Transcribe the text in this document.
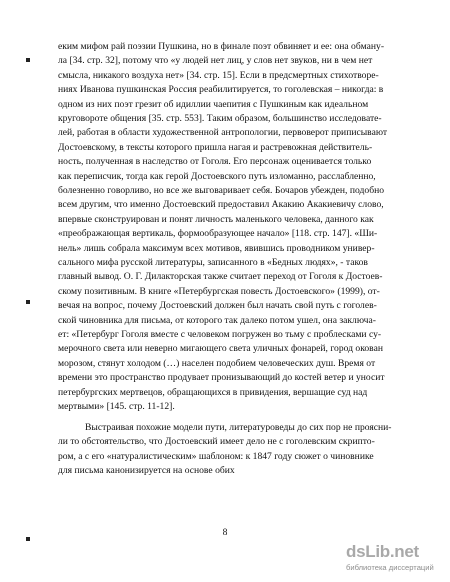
еким мифом рай поэзии Пушкина, но в финале поэт обвиняет и ее: она обману-
ла [34. стр. 32], потому что «у людей нет лиц, у слов нет звуков, ни в чем нет
смысла, никакого воздуха нет» [34. стр. 15]. Если в предсмертных стихотворе-
ниях Иванова пушкинская Россия реабилитируется, то гоголевская – никогда: в
одном из них поэт грезит об идиллии чаепития с Пушкиным как идеальном
круговороте общения [35. стр. 553]. Таким образом, большинство исследовате-
лей, работая в области художественной антропологии, первоверот приписывают
Достоевскому, в тексты которого пришла нагая и растревожная действитель-
ность, полученная в наследство от Гоголя. Его персонаж оценивается только
как переписчик, тогда как герой Достоевского путь изломанно, расслабленно,
болезненно говорливо, но все же выговаривает себя. Бочаров убежден, подобно
всем другим, что именно Достоевский предоставил Акакию Акакиевичу слово,
впервые сконструирован и понят личность маленького человека, данного как
«преображающая вертикаль, формообразующее начало» [118. стр. 147]. «Ши-
нель» лишь собрала максимум всех мотивов, явившись проводником универ-
сального мифа русской литературы, записанного в «Бедных людях», - таков
главный вывод. О. Г. Дилакторская также считает переход от Гоголя к Достоев-
скому позитивным. В книге «Петербургская повесть Достоевского» (1999), от-
вечая на вопрос, почему Достоевский должен был начать свой путь с гоголев-
ской чиновника для письма, от которого так далеко потом ушел, она заключа-
ет: «Петербург Гоголя вместе с человеком погружен во тьму с проблесками су-
мерочного света или неверно мигающего света уличных фонарей, город окован
морозом, стянут холодом (…) населен подобием человеческих душ. Время от
времени это пространство продувает пронизывающий до костей ветер и уносит
петербургских мертвецов, обращающихся в привидения, вершащие суд над
мертвыми» [145. стр. 11-12].
Выстраивая похожие модели пути, литературоведы до сих пор не проясни-
ли то обстоятельство, что Достоевский имеет дело не с гоголевским скрипто-
ром, а с его «натуралистическим» шаблоном: к 1847 году сюжет о чиновнике
для письма канонизируется на основе обих
8
dsLib.net
библиотека диссертаций
